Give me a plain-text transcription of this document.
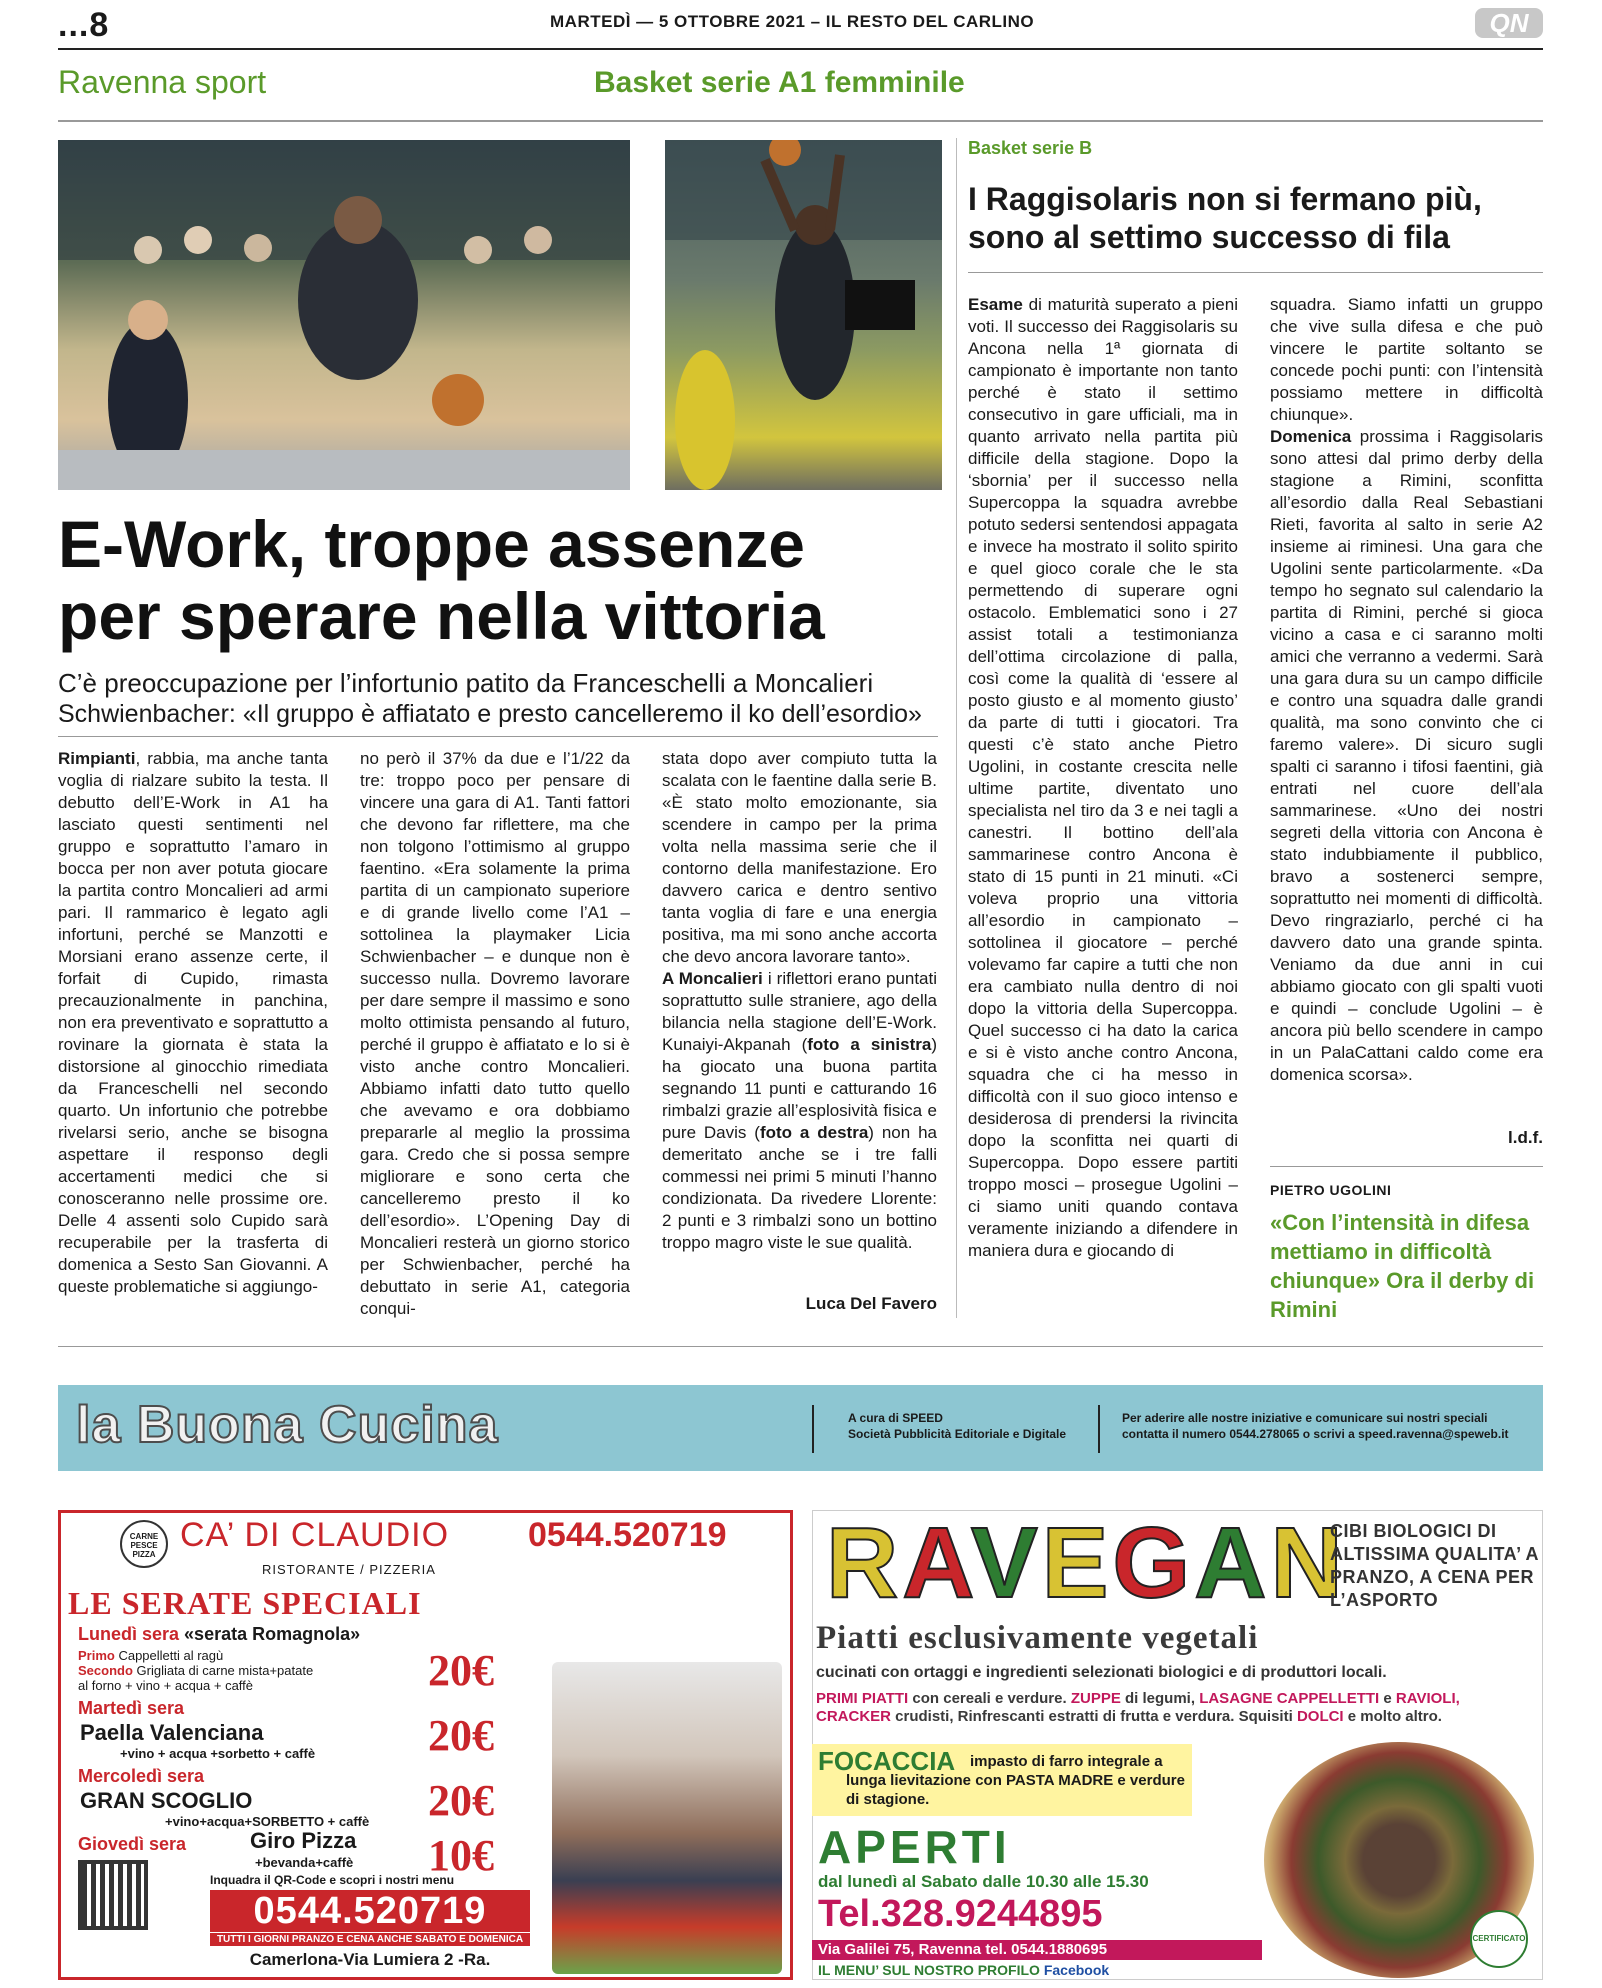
...8	MARTEDÌ — 5 OTTOBRE 2021 – IL RESTO DEL CARLINO	QN
Ravenna sport	Basket serie A1 femminile
E-Work, troppe assenze
per sperare nella vittoria
C’è preoccupazione per l’infortunio patito da Franceschelli a Moncalieri
Schwienbacher: «Il gruppo è affiatato e presto cancelleremo il ko dell’esordio»
Rimpianti, rabbia, ma anche tanta voglia di rialzare subito la testa. Il debutto dell’E-Work in A1 ha lasciato questi sentimenti nel gruppo e soprattutto l’amaro in bocca per non aver potuta giocare la partita contro Moncalieri ad armi pari. Il rammarico è legato agli infortuni, perché se Manzotti e Morsiani erano assenze certe, il forfait di Cupido, rimasta precauzionalmente in panchina, non era preventivato e soprattutto a rovinare la giornata è stata la distorsione al ginocchio rimediata da Franceschelli nel secondo quarto. Un infortunio che potrebbe rivelarsi serio, anche se bisogna aspettare il responso degli accertamenti medici che si conosceranno nelle prossime ore. Delle 4 assenti solo Cupido sarà recuperabile per la trasferta di domenica a Sesto San Giovanni. A queste problematiche si aggiungo-
no però il 37% da due e l’1/22 da tre: troppo poco per pensare di vincere una gara di A1. Tanti fattori che devono far riflettere, ma che non tolgono l’ottimismo al gruppo faentino. «Era solamente la prima partita di un campionato superiore e di grande livello come l’A1 – sottolinea la playmaker Licia Schwienbacher – e dunque non è successo nulla. Dovremo lavorare per dare sempre il massimo e sono molto ottimista pensando al futuro, perché il gruppo è affiatato e lo si è visto anche contro Moncalieri. Abbiamo infatti dato tutto quello che avevamo e ora dobbiamo prepararle al meglio la prossima gara. Credo che si possa sempre migliorare e sono certa che cancelleremo presto il ko dell’esordio». L’Opening Day di Moncalieri resterà un giorno storico per Schwienbacher, perché ha debuttato in serie A1, categoria conqui-
stata dopo aver compiuto tutta la scalata con le faentine dalla serie B. «È stato molto emozionante, sia scendere in campo per la prima volta nella massima serie che il contorno della manifestazione. Ero davvero carica e dentro sentivo tanta voglia di fare e una energia positiva, ma mi sono anche accorta che devo ancora lavorare tanto».
A Moncalieri i riflettori erano puntati soprattutto sulle straniere, ago della bilancia nella stagione dell’E-Work. Kunaiyi-Akpanah (foto a sinistra) ha giocato una buona partita segnando 11 punti e catturando 16 rimbalzi grazie all’esplosività fisica e pure Davis (foto a destra) non ha demeritato anche se i tre falli commessi nei primi 5 minuti l’hanno condizionata. Da rivedere Llorente: 2 punti e 3 rimbalzi sono un bottino troppo magro viste le sue qualità.
Luca Del Favero
Basket serie B
I Raggisolaris non si fermano più,
sono al settimo successo di fila
Esame di maturità superato a pieni voti. Il successo dei Raggisolaris su Ancona nella 1ª giornata di campionato è importante non tanto perché è stato il settimo consecutivo in gare ufficiali, ma in quanto arrivato nella partita più difficile della stagione. Dopo la ‘sbornia’ per il successo nella Supercoppa la squadra avrebbe potuto sedersi sentendosi appagata e invece ha mostrato il solito spirito e quel gioco corale che le sta permettendo di superare ogni ostacolo. Emblematici sono i 27 assist totali a testimonianza dell’ottima circolazione di palla, così come la qualità di ‘essere al posto giusto e al momento giusto’ da parte di tutti i giocatori. Tra questi c’è stato anche Pietro Ugolini, in costante crescita nelle ultime partite, diventato uno specialista nel tiro da 3 e nei tagli a canestri. Il bottino dell’ala sammarinese contro Ancona è stato di 15 punti in 21 minuti. «Ci voleva proprio una vittoria all’esordio in campionato – sottolinea il giocatore – perché volevamo far capire a tutti che non era cambiato nulla dentro di noi dopo la vittoria della Supercoppa. Quel successo ci ha dato la carica e si è visto anche contro Ancona, squadra che ci ha messo in difficoltà con il suo gioco intenso e desiderosa di prendersi la rivincita dopo la sconfitta nei quarti di Supercoppa. Dopo essere partiti troppo mosci – prosegue Ugolini – ci siamo uniti quando contava veramente iniziando a difendere in maniera dura e giocando di
squadra. Siamo infatti un gruppo che vive sulla difesa e che può vincere le partite soltanto se concede pochi punti: con l’intensità possiamo mettere in difficoltà chiunque».
Domenica prossima i Raggisolaris sono attesi dal primo derby della stagione a Rimini, sconfitta all’esordio dalla Real Sebastiani Rieti, favorita al salto in serie A2 insieme ai riminesi. Una gara che Ugolini sente particolarmente. «Da tempo ho segnato sul calendario la partita di Rimini, perché si gioca vicino a casa e ci saranno molti amici che verranno a vedermi. Sarà una gara dura su un campo difficile e contro una squadra dalle grandi qualità, ma sono convinto che ci faremo valere». Di sicuro sugli spalti ci saranno i tifosi faentini, già entrati nel cuore dell’ala sammarinese. «Uno dei nostri segreti della vittoria con Ancona è stato indubbiamente il pubblico, bravo a sostenerci sempre, soprattutto nei momenti di difficoltà. Devo ringraziarlo, perché ci ha davvero dato una grande spinta. Veniamo da due anni in cui abbiamo giocato con gli spalti vuoti e quindi – conclude Ugolini – è ancora più bello scendere in campo in un PalaCattani caldo come era domenica scorsa».
l.d.f.
PIETRO UGOLINI
«Con l’intensità in difesa mettiamo in difficoltà chiunque» Ora il derby di Rimini
la Buona Cucina	A cura di SPEED
Società Pubblicità Editoriale e Digitale
Per aderire alle nostre iniziative e comunicare sui nostri speciali
contatta il numero 0544.278065 o scrivi a speed.ravenna@speweb.it
CARNE PESCE PIZZA
CA’ DI CLAUDIO 0544.520719
RISTORANTE / PIZZERIA
LE SERATE SPECIALI
Lunedì sera «serata Romagnola»
Primo Cappelletti al ragù
Secondo Grigliata di carne mista+patate
al forno + vino + acqua + caffè	20€
Martedì sera
Paella Valenciana
+vino + acqua +sorbetto + caffè	20€
Mercoledì sera
GRAN SCOGLIO
+vino+acqua+SORBETTO + caffè 20€
Giovedì sera	Giro Pizza
+bevanda+caffè 10€
Inquadra il QR-Code e scopri i nostri menu
0544.520719
TUTTI I GIORNI PRANZO E CENA ANCHE SABATO E DOMENICA
Camerlona-Via Lumiera 2 -Ra.
RAVEGAN
CIBI BIOLOGICI DI ALTISSIMA QUALITA’ A PRANZO, A CENA PER L’ASPORTO
Piatti esclusivamente vegetali
cucinati con ortaggi e ingredienti selezionati biologici e di produttori locali.
PRIMI PIATTI con cereali e verdure. ZUPPE di legumi, LASAGNE CAPPELLETTI e RAVIOLI,
CRACKER crudisti, Rinfrescanti estratti di frutta e verdura. Squisiti DOLCI e molto altro.
FOCACCIA impasto di farro integrale a lunga lievitazione con PASTA MADRE e verdure di stagione.
APERTI
dal lunedì al Sabato dalle 10.30 alle 15.30
Tel.328.9244895
Via Galilei 75, Ravenna tel. 0544.1880695
IL MENU’ SUL NOSTRO PROFILO Facebook
CERTIFICATO
